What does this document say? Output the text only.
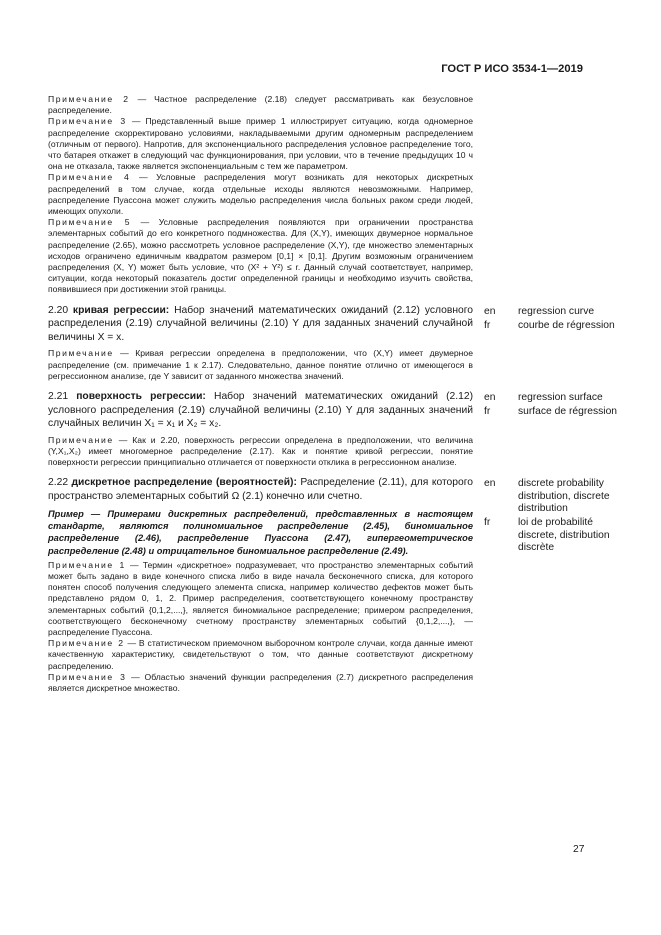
ГОСТ Р ИСО 3534-1—2019

Примечание 2 — Частное распределение (2.18) следует рассматривать как безусловное распределение.

Примечание 3 — Представленный выше пример 1 иллюстрирует ситуацию, когда одномерное распределение скорректировано условиями, накладываемыми другим одномерным распределением (отличным от первого). Напротив, для экспоненциального распределения условное распределение того, что батарея откажет в следующий час функционирования, при условии, что в течение предыдущих 10 ч она не отказала, также является экспоненциальным с тем же параметром.

Примечание 4 — Условные распределения могут возникать для некоторых дискретных распределений в том случае, когда отдельные исходы являются невозможными. Например, распределение Пуассона может служить моделью распределения числа больных раком среди людей, имеющих опухоли.

Примечание 5 — Условные распределения появляются при ограничении пространства элементарных событий до его конкретного подмножества. Для (X,Y), имеющих двумерное нормальное распределение (2.65), можно рассмотреть условное распределение (X,Y), где множество элементарных исходов ограничено единичным квадратом размером [0,1] × [0,1]. Другим возможным ограничением распределения (X, Y) может быть условие, что (X² + Y²) ≤ r. Данный случай соответствует, например, ситуации, когда некоторый показатель достиг определенной границы и необходимо изучить свойства, появившиеся при достижении этой границы.

2.20 кривая регрессии: Набор значений математических ожиданий (2.12) условного распределения (2.19) случайной величины (2.10) Y для заданных значений случайной величины X = x.

Примечание — Кривая регрессии определена в предположении, что (X,Y) имеет двумерное распределение (см. примечание 1 к 2.17). Следовательно, данное понятие отлично от имеющегося в регрессионном анализе, где Y зависит от заданного множества значений.

2.21 поверхность регрессии: Набор значений математических ожиданий (2.12) условного распределения (2.19) случайной величины (2.10) Y для заданных значений случайных величин X₁ = x₁ и X₂ = x₂.

Примечание — Как и 2.20, поверхность регрессии определена в предположении, что величина (Y,X₁,X₂) имеет многомерное распределение (2.17). Как и понятие кривой регрессии, понятие поверхности регрессии принципиально отличается от поверхности отклика в регрессионном анализе.

2.22 дискретное распределение (вероятностей): Распределение (2.11), для которого пространство элементарных событий Ω (2.1) конечно или счетно.

Пример — Примерами дискретных распределений, представленных в настоящем стандарте, являются полиномиальное распределение (2.45), биномиальное распределение (2.46), распределение Пуассона (2.47), гипергеометрическое распределение (2.48) и отрицательное биномиальное распределение (2.49).

Примечание 1 — Термин «дискретное» подразумевает, что пространство элементарных событий может быть задано в виде конечного списка либо в виде начала бесконечного списка, для которого понятен способ получения следующего элемента списка, например количество дефектов может быть представлено рядом 0, 1, 2. Пример распределения, соответствующего конечному пространству элементарных событий {0,1,2,...,}, является биномиальное распределение; примером распределения, соответствующего бесконечному счетному пространству элементарных событий {0,1,2,...,}, — распределение Пуассона.

Примечание 2 — В статистическом приемочном выборочном контроле случаи, когда данные имеют качественную характеристику, свидетельствуют о том, что данные соответствуют дискретному распределению.

Примечание 3 — Областью значений функции распределения (2.7) дискретного распределения является дискретное множество.

27
en	regression curve
fr	courbe de régression
en	regression surface
fr	surface de régression
en	discrete probability distribution, discrete distribution
fr	loi de probabilité discrete, distribution discrète
